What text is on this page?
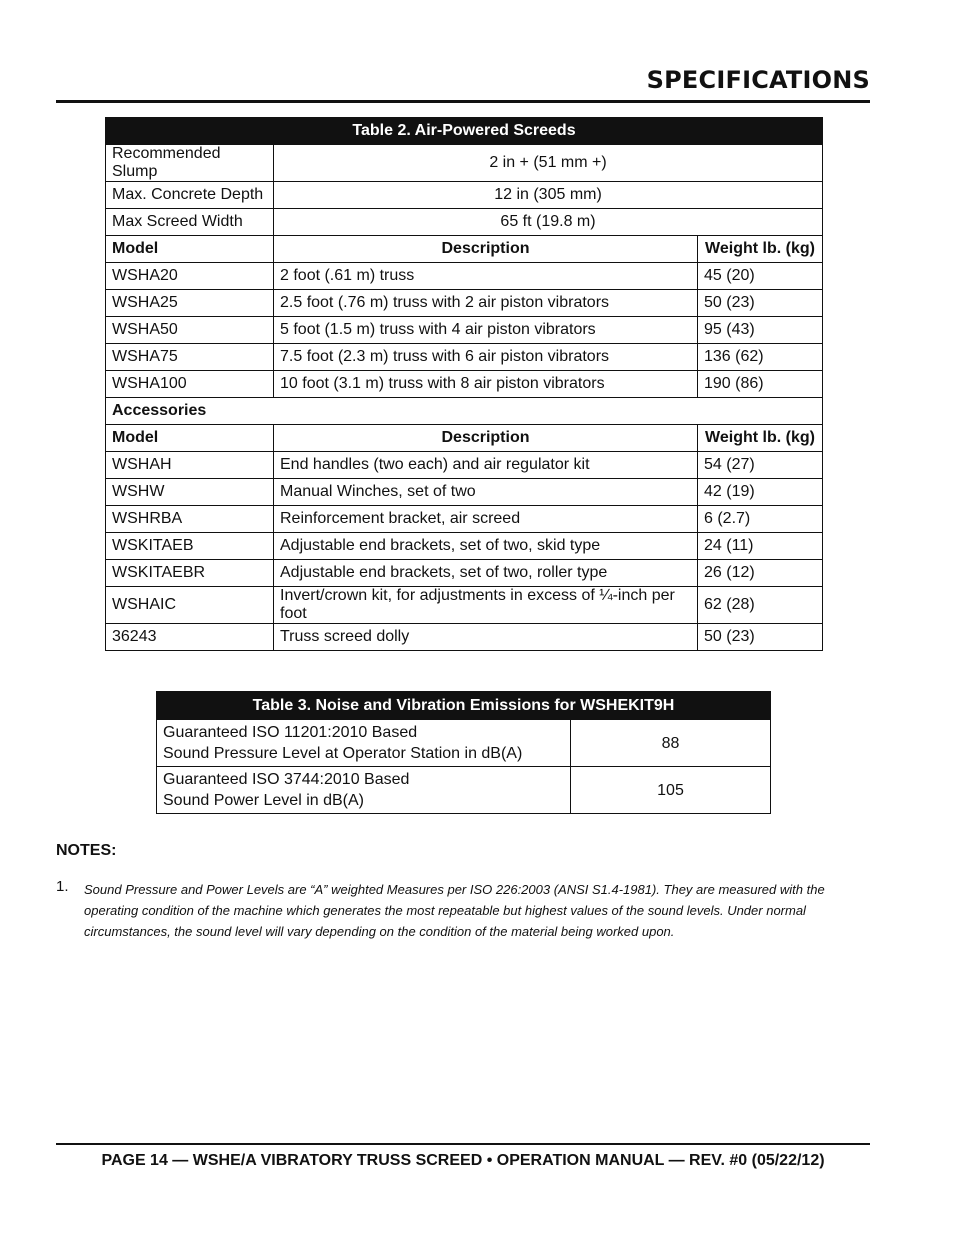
SPECIFICATIONS
Table 2. Air-Powered Screeds		
Recommended Slump	2 in + (51 mm +)	
Max. Concrete Depth	12 in (305 mm)	
Max Screed Width	65 ft (19.8 m)	
Model	Description	Weight lb. (kg)
WSHA20	2 foot (.61 m) truss	45 (20)
WSHA25	2.5 foot (.76 m) truss with 2 air piston vibrators	50 (23)
WSHA50	5 foot (1.5 m) truss with 4 air piston vibrators	95 (43)
WSHA75	7.5 foot (2.3 m) truss with 6 air piston vibrators	136 (62)
WSHA100	10 foot (3.1 m) truss with 8 air piston vibrators	190 (86)
Accessories		
Model	Description	Weight lb. (kg)
WSHAH	End handles (two each) and air regulator kit	54 (27)
WSHW	Manual Winches, set of two	42 (19)
WSHRBA	Reinforcement bracket, air screed	6 (2.7)
WSKITAEB	Adjustable end brackets, set of two, skid type	24 (11)
WSKITAEBR	Adjustable end brackets, set of two, roller type	26 (12)
WSHAIC	Invert/crown kit, for adjustments in excess of ¼-inch per foot	62 (28)
36243	Truss screed dolly	50 (23)
Table 3. Noise and Vibration Emissions for WSHEKIT9H	

Guaranteed ISO 11201:2010 Based
Sound Pressure Level at Operator Station in dB(A)	88

Guaranteed ISO 3744:2010 Based
Sound Power Level in dB(A)	105
NOTES:
1. Sound Pressure and Power Levels are “A” weighted Measures per ISO 226:2003 (ANSI S1.4-1981). They are measured with the operating condition of the machine which generates the most repeatable but highest values of the sound levels. Under normal circumstances, the sound level will vary depending on the condition of the material being worked upon.
PAGE 14 — WSHE/A VIBRATORY TRUSS SCREED • OPERATION MANUAL — REV. #0 (05/22/12)
